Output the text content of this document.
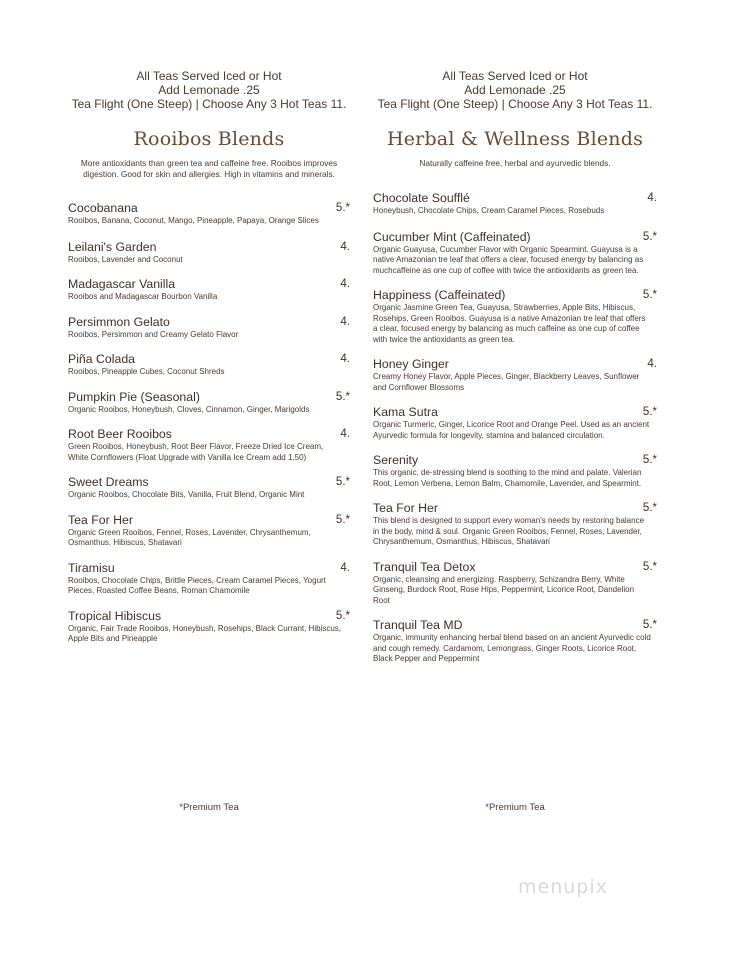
All Teas Served Iced or Hot
Add Lemonade .25
Tea Flight (One Steep) | Choose Any 3 Hot Teas 11.
Rooibos Blends
More antioxidants than green tea and caffeine free. Rooibos improves digestion. Good for skin and allergies. High in vitamins and minerals.
Cocobanana	5.*
Rooibos, Banana, Coconut, Mango, Pineapple, Papaya, Orange Slices
Leilani's Garden	4.
Rooibos, Lavender and Coconut
Madagascar Vanilla	4.
Rooibos and Madagascar Bourbon Vanilla
Persimmon Gelato	4.
Rooibos, Persimmon and Creamy Gelato Flavor
Piña Colada	4.
Rooibos, Pineapple Cubes, Coconut Shreds
Pumpkin Pie (Seasonal)	5.*
Organic Rooibos, Honeybush, Cloves, Cinnamon, Ginger, Marigolds
Root Beer Rooibos	4.
Green Rooibos, Honeybush, Root Beer Flavor, Freeze Dried Ice Cream, White Cornflowers (Float Upgrade with Vanilla Ice Cream add 1.50)
Sweet Dreams	5.*
Organic Rooibos, Chocolate Bits, Vanilla, Fruit Blend, Organic Mint
Tea For Her	5.*
Organic Green Rooibos, Fennel, Roses, Lavender, Chrysanthemum, Osmanthus, Hibiscus, Shatavari
Tiramisu	4.
Rooibos, Chocolate Chips, Brittle Pieces, Cream Caramel Pieces, Yogurt Pieces, Roasted Coffee Beans, Roman Chamomile
Tropical Hibiscus	5.*
Organic, Fair Trade Rooibos, Honeybush, Rosehips, Black Currant, Hibiscus, Apple Bits and Pineapple
*Premium Tea
All Teas Served Iced or Hot
Add Lemonade .25
Tea Flight (One Steep) | Choose Any 3 Hot Teas 11.
Herbal & Wellness Blends
Naturally caffeine free, herbal and ayurvedic blends.
Chocolate Soufflé	4.
Honeybush, Chocolate Chips, Cream Caramel Pieces, Rosebuds
Cucumber Mint (Caffeinated)	5.*
Organic Guayusa, Cucumber Flavor with Organic Spearmint. Guayusa is a native Amazonian tre leaf that offers a clear, focused energy by balancing as muchcaffeine as one cup of coffee with twice the antioxidants as green tea.
Happiness (Caffeinated)	5.*
Organic Jasmine Green Tea, Guayusa, Strawberries, Apple Bits, Hibiscus, Rosehips, Green Rooibos. Guayusa is a native Amazonian tre leaf that offers a clear, focused energy by balancing as much caffeine as one cup of coffee with twice the antioxidants as green tea.
Honey Ginger	4.
Creamy Honey Flavor, Apple Pieces, Ginger, Blackberry Leaves, Sunflower and Cornflower Blossoms
Kama Sutra	5.*
Organic Turmeric, Ginger, Licorice Root and Orange Peel. Used as an ancient Ayurvedic formula for longevity, stamina and balanced circulation.
Serenity	5.*
This organic, de-stressing blend is soothing to the mind and palate. Valerian Root, Lemon Verbena, Lemon Balm, Chamomile, Lavender, and Spearmint.
Tea For Her	5.*
This blend is designed to support every woman's needs by restoring balance in the body, mind & soul. Organic Green Rooibos, Fennel, Roses, Lavender, Chrysanthemum, Osmanthus, Hibiscus, Shatavari
Tranquil Tea Detox	5.*
Organic, cleansing and energizing. Raspberry, Schizandra Berry, White Ginseng, Burdock Root, Rose Hips, Peppermint, Licorice Root, Dandelion Root
Tranquil Tea MD	5.*
Organic, immunity enhancing herbal blend based on an ancient Ayurvedic cold and cough remedy. Cardamom, Lemongrass, Ginger Roots, Licorice Root, Black Pepper and Peppermint
*Premium Tea
menupix
